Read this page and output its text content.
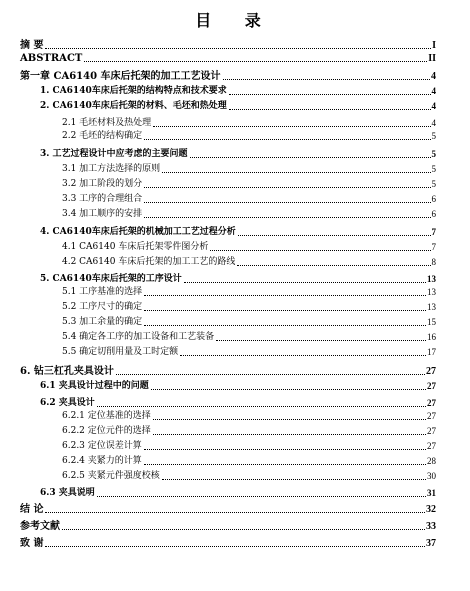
目 录
摘 要	I
ABSTRACT	II
第一章 CA6140 车床后托架的加工工艺设计	4
1. CA6140车床后托架的结构特点和技术要求	4
2. CA6140车床后托架的材料、毛坯和热处理	4
2.1 毛坯材料及热处理	4
2.2 毛坯的结构确定	5
3. 工艺过程设计中应考虑的主要问题	5
3.1 加工方法选择的原则	5
3.2 加工阶段的划分	5
3.3 工序的合理组合	6
3.4 加工顺序的安排	6
4. CA6140车床后托架的机械加工工艺过程分析	7
4.1 CA6140 车床后托架零件图分析	7
4.2 CA6140 车床后托架的加工工艺的路线	8
5. CA6140车床后托架的工序设计	13
5.1 工序基准的选择	13
5.2 工序尺寸的确定	13
5.3 加工余量的确定	15
5.4 确定各工序的加工设备和工艺装备	16
5.5 确定切削用量及工时定额	17
6. 钻三杠孔夹具设计	27
6.1 夹具设计过程中的问题	27
6.2 夹具设计	27
6.2.1 定位基准的选择	27
6.2.2 定位元件的选择	27
6.2.3 定位误差计算	27
6.2.4 夹紧力的计算	28
6.2.5 夹紧元件强度校核	30
6.3 夹具说明	31
结 论	32
参考文献	33
致 谢	37
